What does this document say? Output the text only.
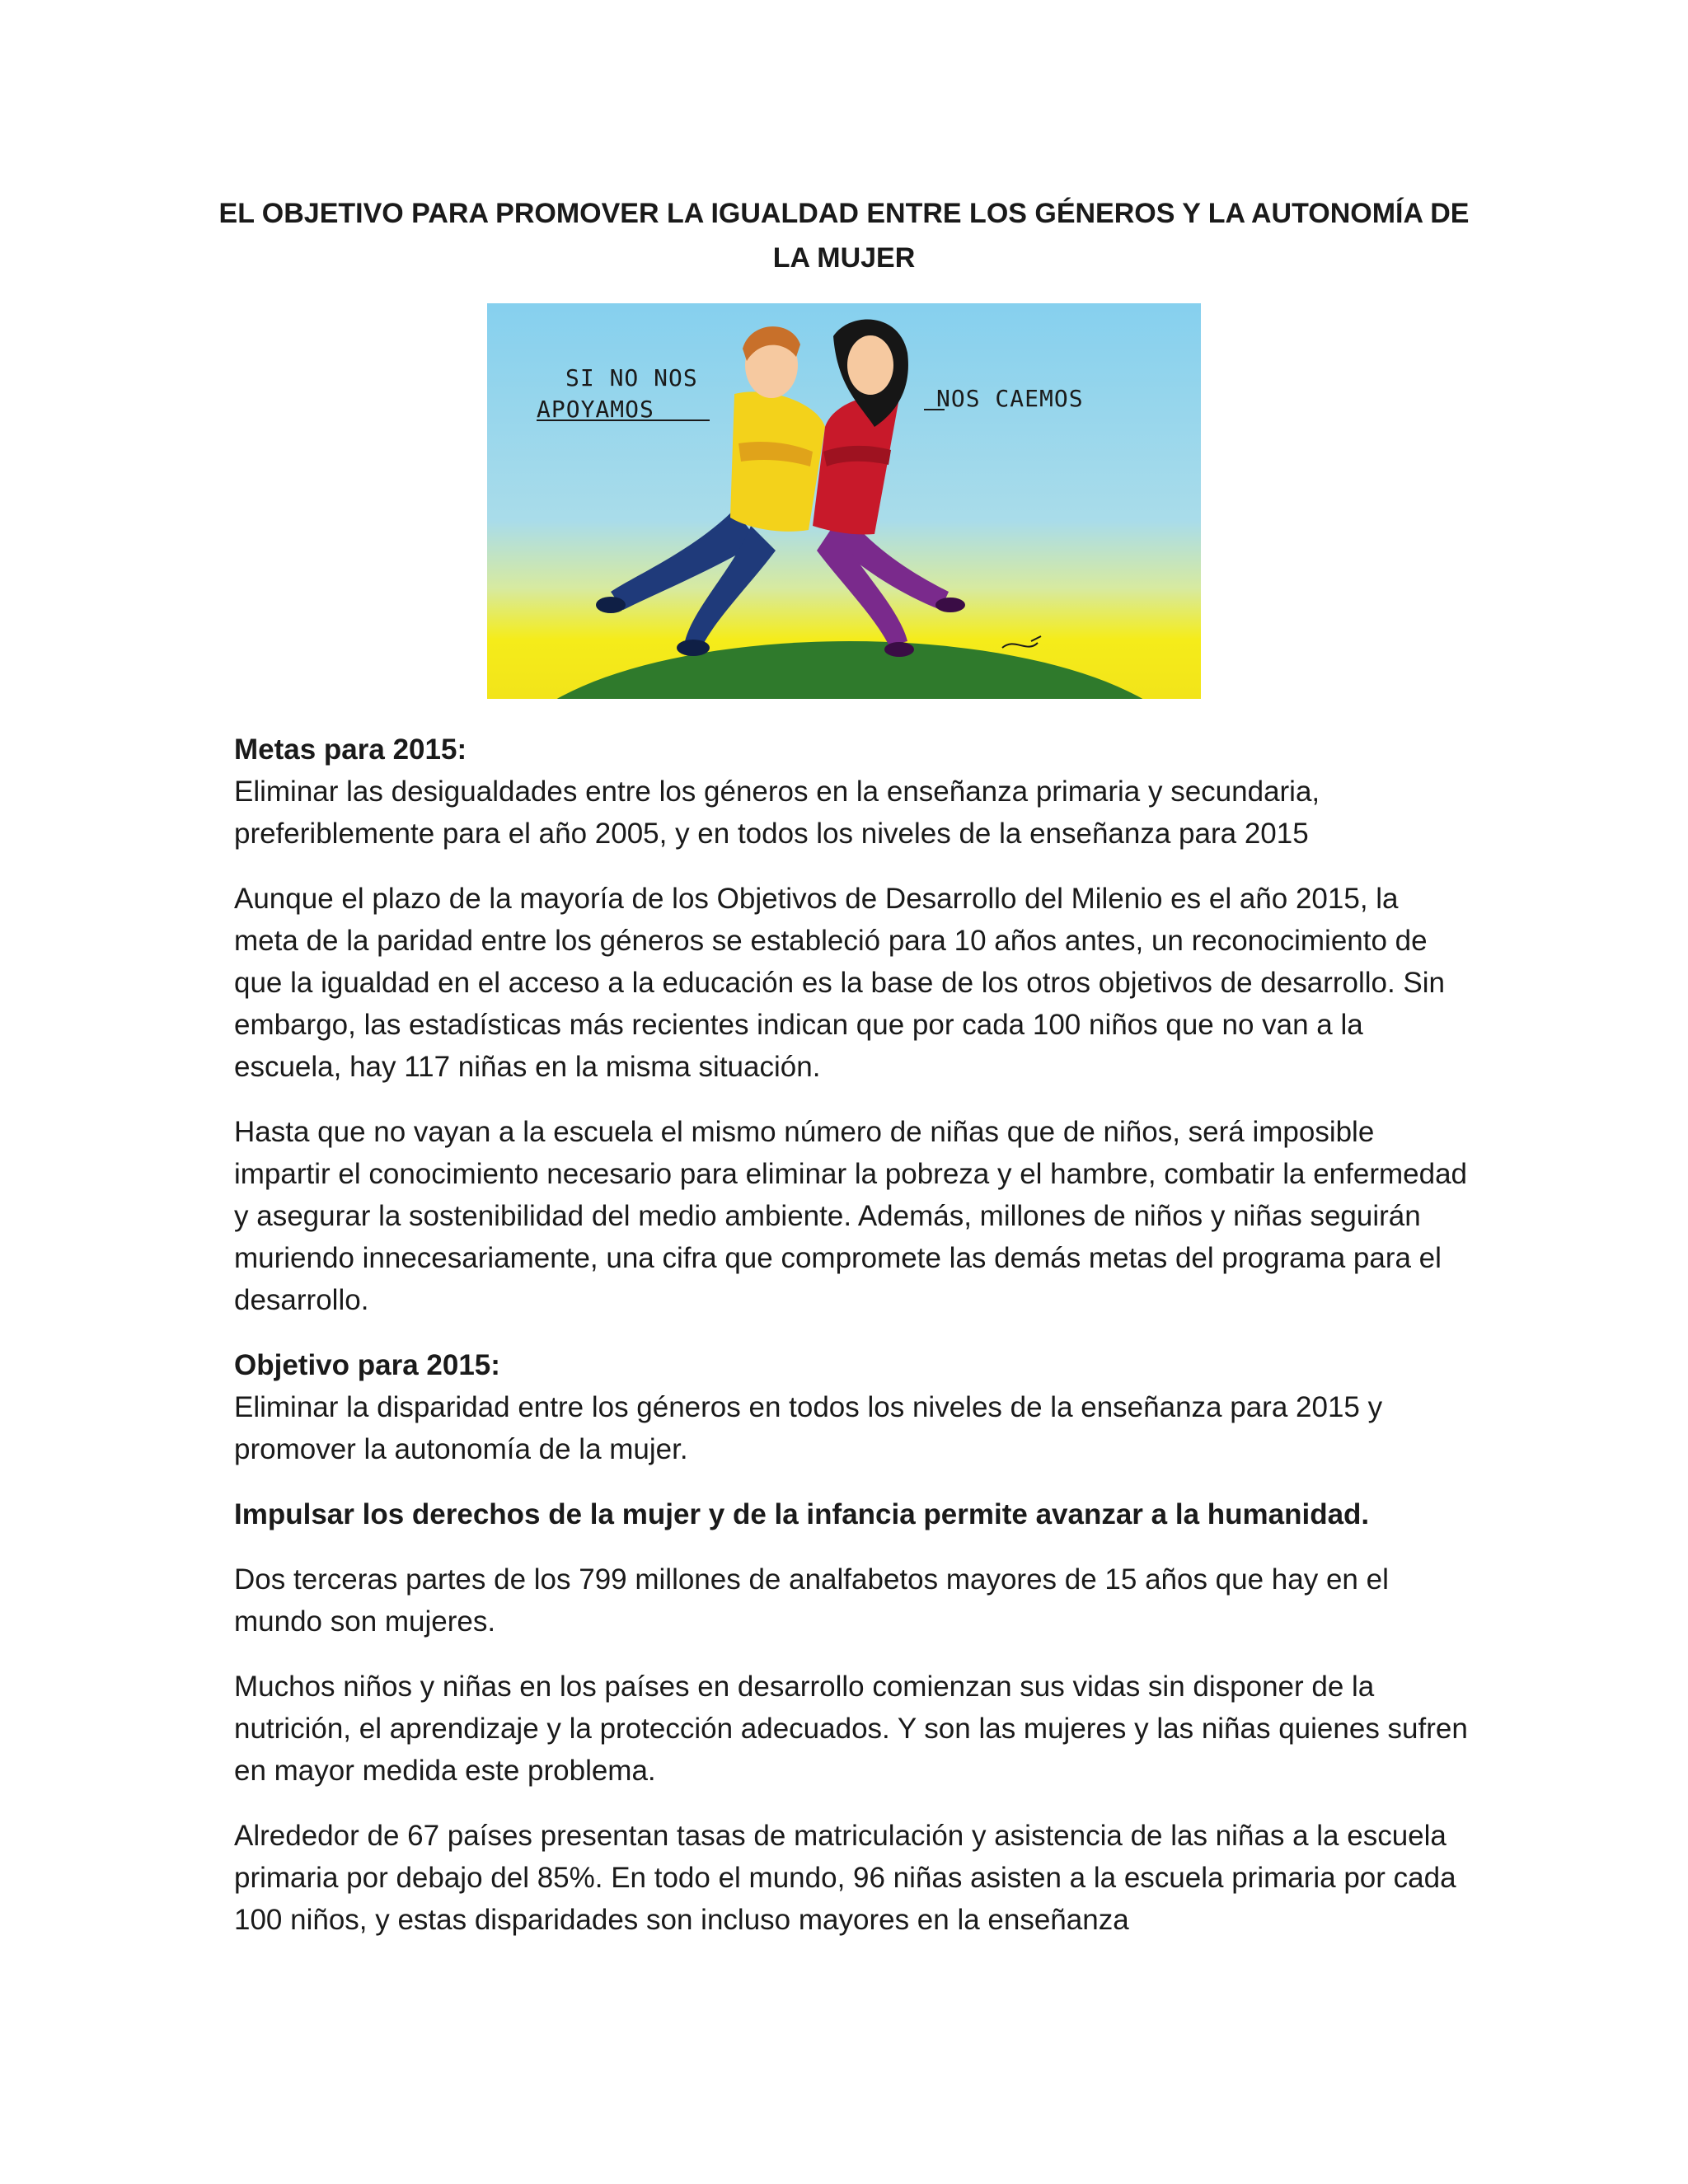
EL OBJETIVO PARA PROMOVER LA IGUALDAD ENTRE LOS GÉNEROS Y LA AUTONOMÍA DE LA MUJER
SI NO NOS
APOYAMOS	NOS CAEMOS

Metas para 2015:
Eliminar las desigualdades entre los géneros en la enseñanza primaria y secundaria, preferiblemente para el año 2005, y en todos los niveles de la enseñanza para 2015

Aunque el plazo de la mayoría de los Objetivos de Desarrollo del Milenio es el año 2015, la meta de la paridad entre los géneros se estableció para 10 años antes, un reconocimiento de que la igualdad en el acceso a la educación es la base de los otros objetivos de desarrollo. Sin embargo, las estadísticas más recientes indican que por cada 100 niños que no van a la escuela, hay 117 niñas en la misma situación.

Hasta que no vayan a la escuela el mismo número de niñas que de niños, será imposible impartir el conocimiento necesario para eliminar la pobreza y el hambre, combatir la enfermedad y asegurar la sostenibilidad del medio ambiente. Además, millones de niños y niñas seguirán muriendo innecesariamente, una cifra que compromete las demás metas del programa para el desarrollo.

Objetivo para 2015:
Eliminar la disparidad entre los géneros en todos los niveles de la enseñanza para 2015 y promover la autonomía de la mujer.

Impulsar los derechos de la mujer y de la infancia permite avanzar a la humanidad.

Dos terceras partes de los 799 millones de analfabetos mayores de 15 años que hay en el mundo son mujeres.

Muchos niños y niñas en los países en desarrollo comienzan sus vidas sin disponer de la nutrición, el aprendizaje y la protección adecuados. Y son las mujeres y las niñas quienes sufren en mayor medida este problema.

Alrededor de 67 países presentan tasas de matriculación y asistencia de las niñas a la escuela primaria por debajo del 85%. En todo el mundo, 96 niñas asisten a la escuela primaria por cada 100 niños, y estas disparidades son incluso mayores en la enseñanza
